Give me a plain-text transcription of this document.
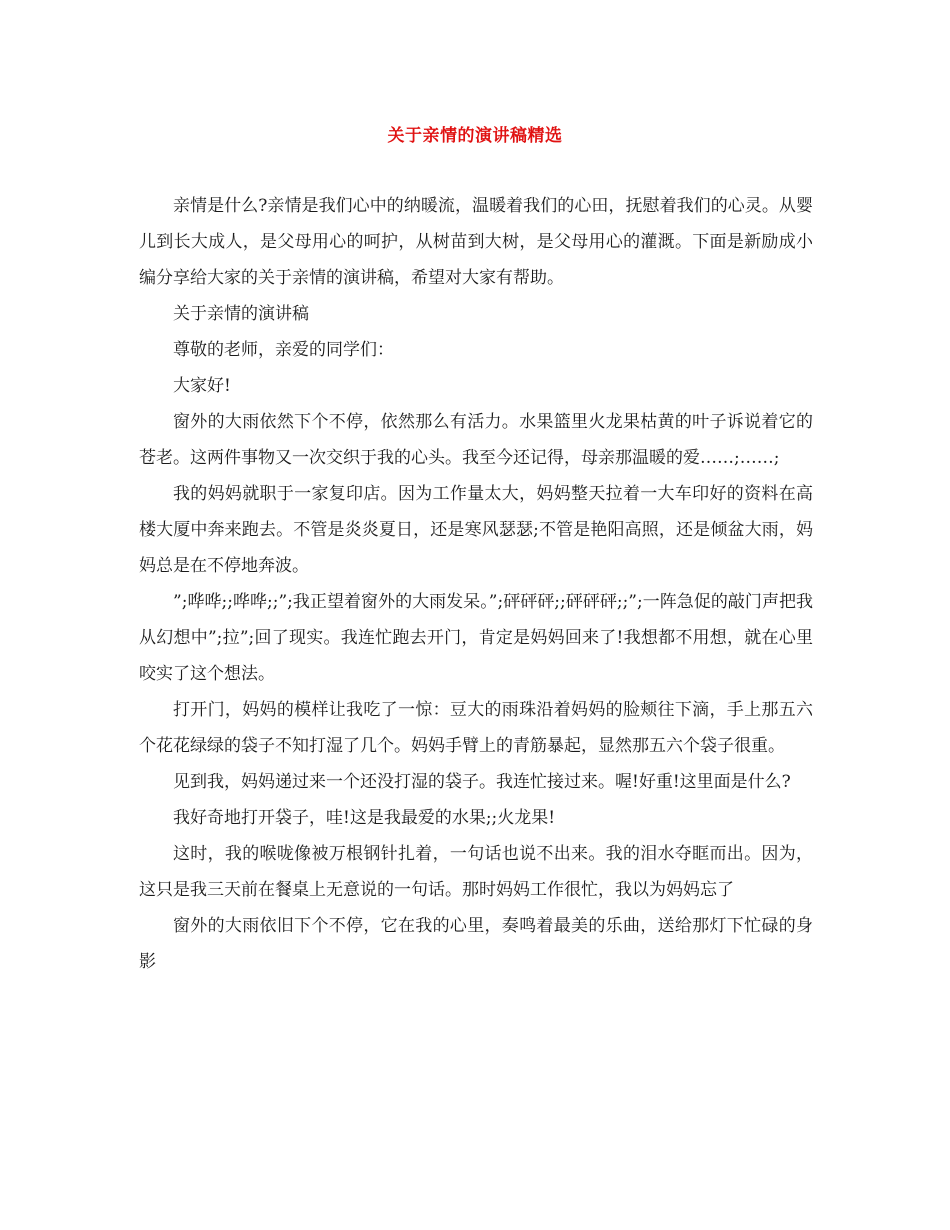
关于亲情的演讲稿精选

亲情是什么?亲情是我们心中的纳暖流，温暖着我们的心田，抚慰着我们的心灵。从婴儿到长大成人，是父母用心的呵护，从树苗到大树，是父母用心的灌溉。下面是新励成小编分享给大家的关于亲情的演讲稿，希望对大家有帮助。

关于亲情的演讲稿

尊敬的老师，亲爱的同学们：

大家好!

窗外的大雨依然下个不停，依然那么有活力。水果篮里火龙果枯黄的叶子诉说着它的苍老。这两件事物又一次交织于我的心头。我至今还记得，母亲那温暖的爱……;……;

我的妈妈就职于一家复印店。因为工作量太大，妈妈整天拉着一大车印好的资料在高楼大厦中奔来跑去。不管是炎炎夏日，还是寒风瑟瑟;不管是艳阳高照，还是倾盆大雨，妈妈总是在不停地奔波。

”;哗哗;;哗哗;;”;我正望着窗外的大雨发呆。”;砰砰砰;;砰砰砰;;”;一阵急促的敲门声把我从幻想中”;拉”;回了现实。我连忙跑去开门，肯定是妈妈回来了!我想都不用想，就在心里咬实了这个想法。

打开门，妈妈的模样让我吃了一惊：豆大的雨珠沿着妈妈的脸颊往下滴，手上那五六个花花绿绿的袋子不知打湿了几个。妈妈手臂上的青筋暴起，显然那五六个袋子很重。

见到我，妈妈递过来一个还没打湿的袋子。我连忙接过来。喔!好重!这里面是什么?

我好奇地打开袋子，哇!这是我最爱的水果;;火龙果!

这时，我的喉咙像被万根钢针扎着，一句话也说不出来。我的泪水夺眶而出。因为，这只是我三天前在餐桌上无意说的一句话。那时妈妈工作很忙，我以为妈妈忘了

窗外的大雨依旧下个不停，它在我的心里，奏鸣着最美的乐曲，送给那灯下忙碌的身影
